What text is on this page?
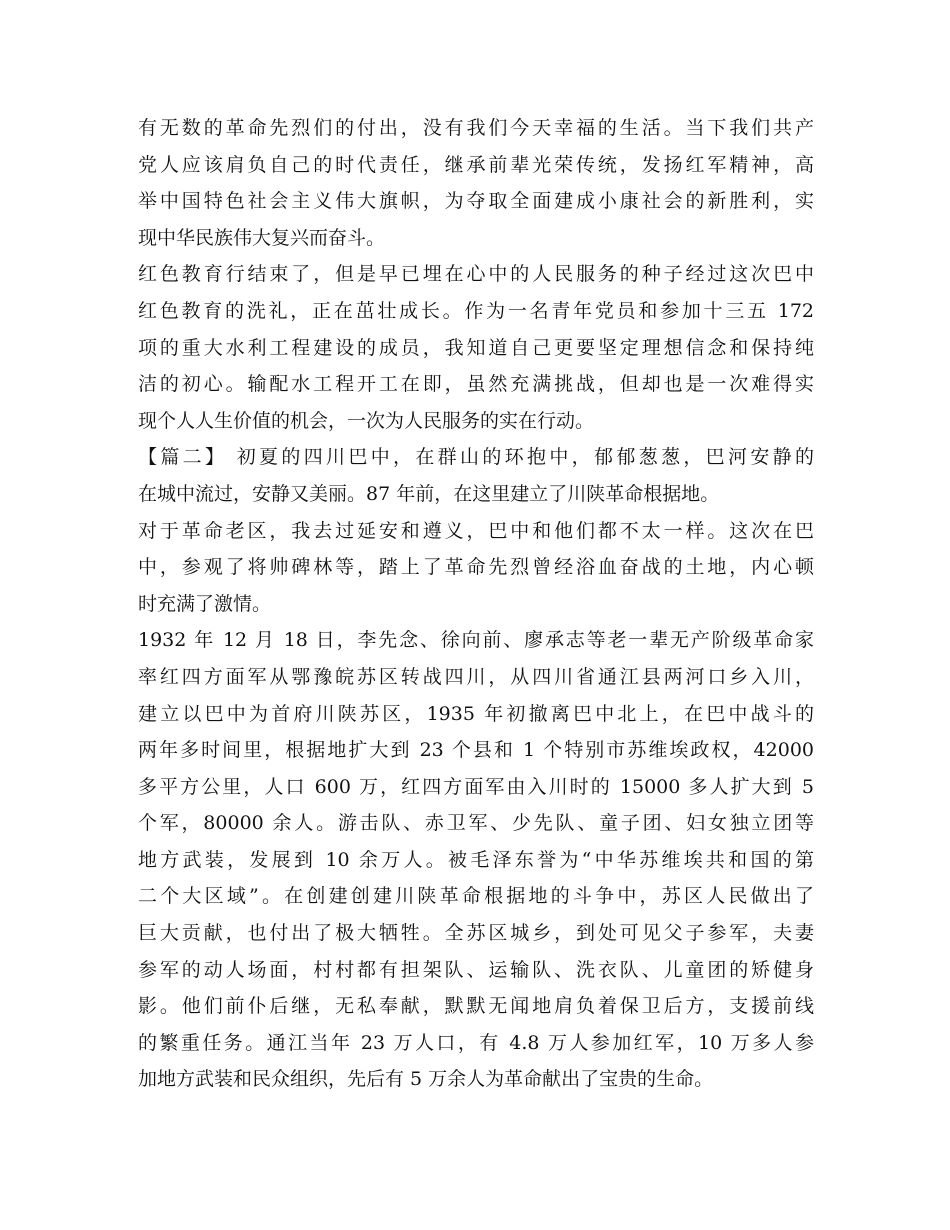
有无数的革命先烈们的付出，没有我们今天幸福的生活。当下我们共产
党人应该肩负自己的时代责任，继承前辈光荣传统，发扬红军精神，高
举中国特色社会主义伟大旗帜，为夺取全面建成小康社会的新胜利，实
现中华民族伟大复兴而奋斗。
红色教育行结束了，但是早已埋在心中的人民服务的种子经过这次巴中
红色教育的洗礼，正在茁壮成长。作为一名青年党员和参加十三五 172
项的重大水利工程建设的成员，我知道自己更要坚定理想信念和保持纯
洁的初心。输配水工程开工在即，虽然充满挑战，但却也是一次难得实
现个人人生价值的机会，一次为人民服务的实在行动。
【篇二】 初夏的四川巴中，在群山的环抱中，郁郁葱葱，巴河安静的
在城中流过，安静又美丽。87 年前，在这里建立了川陕革命根据地。
对于革命老区，我去过延安和遵义，巴中和他们都不太一样。这次在巴
中，参观了将帅碑林等，踏上了革命先烈曾经浴血奋战的土地，内心顿
时充满了激情。
1932 年 12 月 18 日，李先念、徐向前、廖承志等老一辈无产阶级革命家
率红四方面军从鄂豫皖苏区转战四川，从四川省通江县两河口乡入川，
建立以巴中为首府川陕苏区，1935 年初撤离巴中北上，在巴中战斗的
两年多时间里，根据地扩大到 23 个县和 1 个特别市苏维埃政权，42000
多平方公里，人口 600 万，红四方面军由入川时的 15000 多人扩大到 5
个军，80000 余人。游击队、赤卫军、少先队、童子团、妇女独立团等
地方武装，发展到 10 余万人。被毛泽东誉为“中华苏维埃共和国的第
二个大区域”。在创建创建川陕革命根据地的斗争中，苏区人民做出了
巨大贡献，也付出了极大牺牲。全苏区城乡，到处可见父子参军，夫妻
参军的动人场面，村村都有担架队、运输队、洗衣队、儿童团的矫健身
影。他们前仆后继，无私奉献，默默无闻地肩负着保卫后方，支援前线
的繁重任务。通江当年 23 万人口，有 4.8 万人参加红军，10 万多人参
加地方武装和民众组织，先后有 5 万余人为革命献出了宝贵的生命。
